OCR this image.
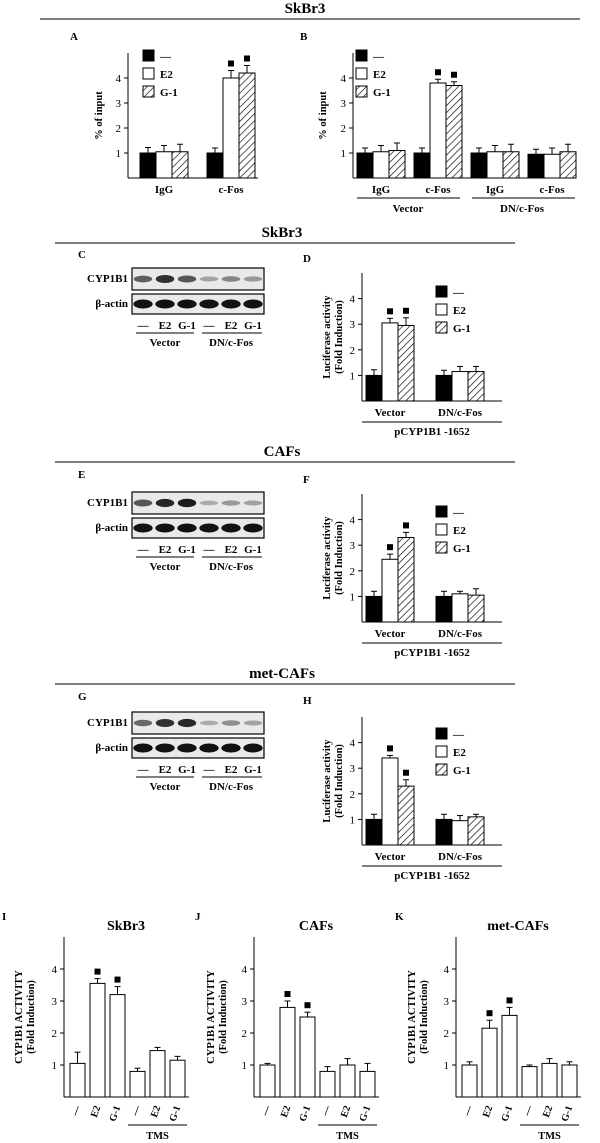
SkBr3
SkBr3
CAFs
met-CAFs
A	B
C	D
E	F
G	H
I	J	K
1
2
3
4
% of input
IgG	c-Fos
—
E2
G-1
1
2
3
4
% of input
IgG	c-Fos	IgG	c-Fos
—
E2
G-1
Vector	DN/c-Fos
1
2
3
4
Luciferase activity (Fold Induction)
Vector	DN/c-Fos
—
E2
G-1
pCYP1B1 -1652
1
2
3
4
Luciferase activity (Fold Induction)
Vector	DN/c-Fos
—
E2
G-1
pCYP1B1 -1652
1
2
3
4
Luciferase activity (Fold Induction)
Vector	DN/c-Fos
—
E2
G-1
pCYP1B1 -1652
1
2
3
4
CYP1B1 ACTIVITY (Fold Induction)
SkBr3
— E2 G-1 — E2 G-1
TMS
1
2
3
4
CYP1B1 ACTIVITY (Fold Induction)
CAFs
— E2 G-1 — E2 G-1
TMS
1
2
3
4
CYP1B1 ACTIVITY (Fold Induction)
met-CAFs
— E2 G-1 — E2 G-1
TMS
CYP1B1
β-actin
— E2 G-1 — E2 G-1
Vector	DN/c-Fos
CYP1B1
β-actin
— E2 G-1 — E2 G-1
Vector	DN/c-Fos
CYP1B1
β-actin
— E2 G-1 — E2 G-1
Vector	DN/c-Fos
